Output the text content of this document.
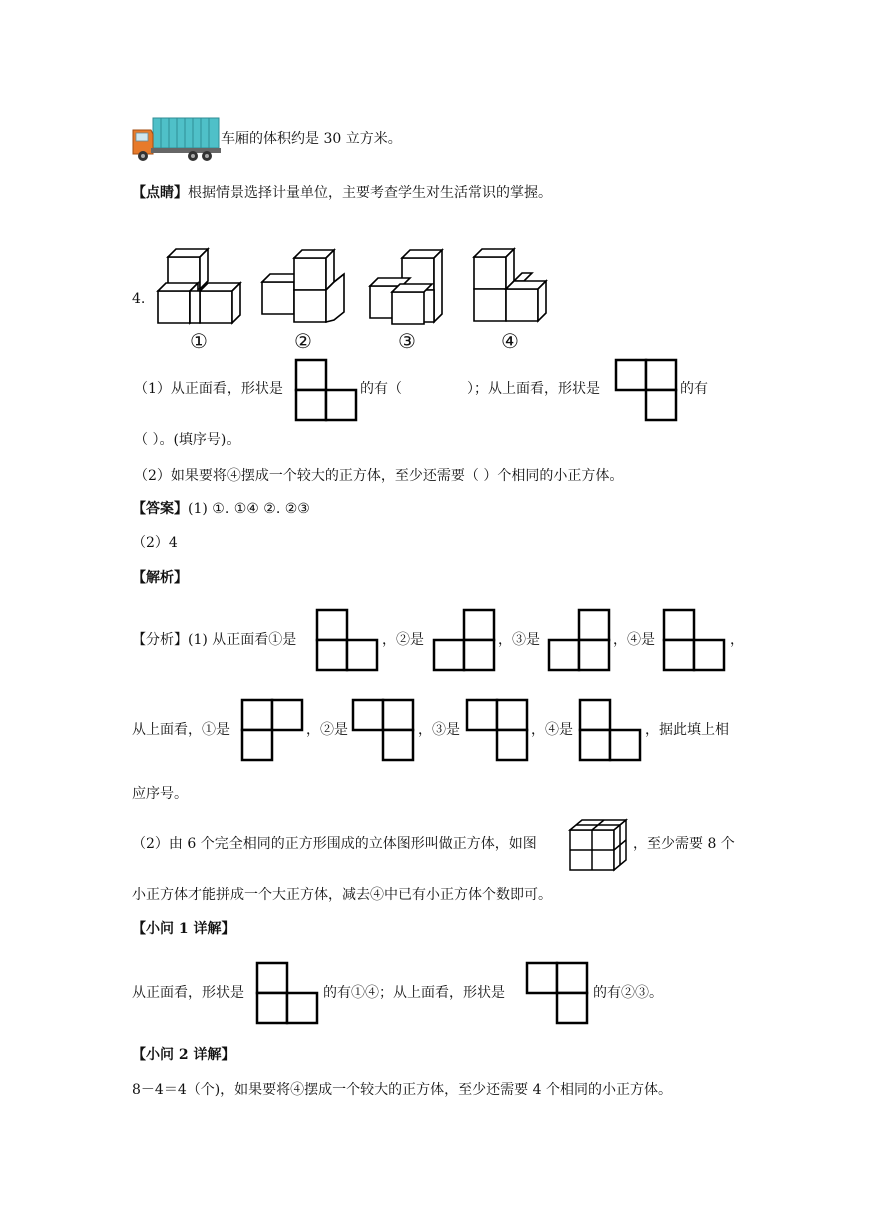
车厢的体积约是 30 立方米。
【点睛】根据情景选择计量单位，主要考查学生对生活常识的掌握。
4.
①	②	③	④
（1）从正面看，形状是	的有（	）；从上面看，形状是	的有
（ ）。(填序号)。
（2）如果要将④摆成一个较大的正方体，至少还需要（ ）个相同的小正方体。
【答案】(1) ①. ①④ ②. ②③
（2）4
【解析】
【分析】(1) 从正面看①是	，②是	，③是	，④是	，
从上面看，①是	，②是	，③是	，④是	，据此填上相
应序号。
（2）由 6 个完全相同的正方形围成的立体图形叫做正方体，如图	，至少需要 8 个
小正方体才能拼成一个大正方体，减去④中已有小正方体个数即可。
【小问 1 详解】
从正面看，形状是	的有①④；从上面看，形状是	的有②③。
【小问 2 详解】
8－4＝4（个)，如果要将④摆成一个较大的正方体，至少还需要 4 个相同的小正方体。
